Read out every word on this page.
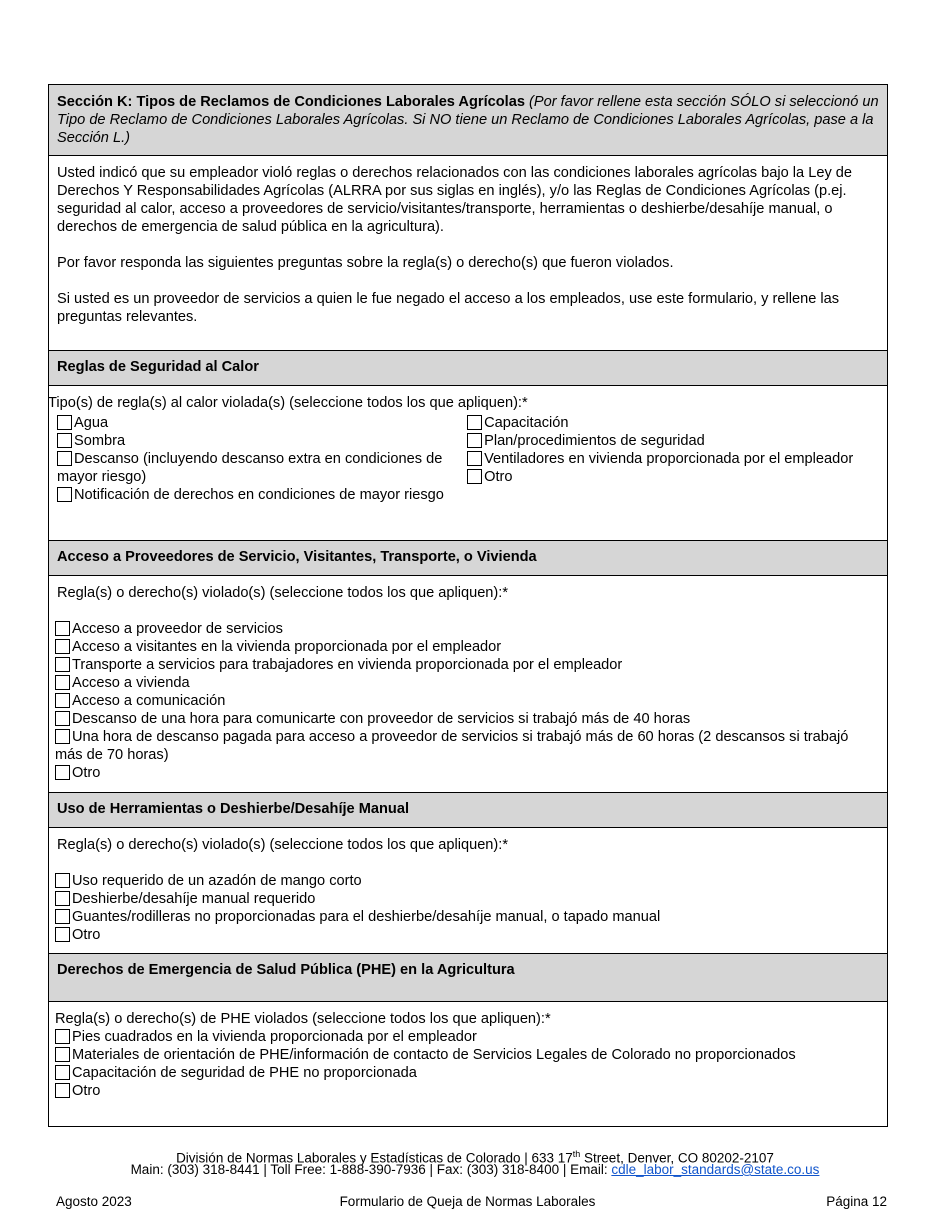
Sección K: Tipos de Reclamos de Condiciones Laborales Agrícolas (Por favor rellene esta sección SÓLO si seleccionó un Tipo de Reclamo de Condiciones Laborales Agrícolas. Si NO tiene un Reclamo de Condiciones Laborales Agrícolas, pase a la Sección L.)
Usted indicó que su empleador violó reglas o derechos relacionados con las condiciones laborales agrícolas bajo la Ley de Derechos Y Responsabilidades Agrícolas (ALRRA por sus siglas en inglés), y/o las Reglas de Condiciones Agrícolas (p.ej. seguridad al calor, acceso a proveedores de servicio/visitantes/transporte, herramientas o deshierbe/desahíje manual, o derechos de emergencia de salud pública en la agricultura).
Por favor responda las siguientes preguntas sobre la regla(s) o derecho(s) que fueron violados.
Si usted es un proveedor de servicios a quien le fue negado el acceso a los empleados, use este formulario, y rellene las preguntas relevantes.
Reglas de Seguridad al Calor
Tipo(s) de regla(s) al calor violada(s) (seleccione todos los que apliquen):*
Agua
Sombra
Descanso (incluyendo descanso extra en condiciones de mayor riesgo)
Notificación de derechos en condiciones de mayor riesgo
Capacitación
Plan/procedimientos de seguridad
Ventiladores en vivienda proporcionada por el empleador
Otro
Acceso a Proveedores de Servicio, Visitantes, Transporte, o Vivienda
Regla(s) o derecho(s) violado(s) (seleccione todos los que apliquen):*
Acceso a proveedor de servicios
Acceso a visitantes en la vivienda proporcionada por el empleador
Transporte a servicios para trabajadores en vivienda proporcionada por el empleador
Acceso a vivienda
Acceso a comunicación
Descanso de una hora para comunicarte con proveedor de servicios si trabajó más de 40 horas
Una hora de descanso pagada para acceso a proveedor de servicios si trabajó más de 60 horas (2 descansos si trabajó más de 70 horas)
Otro
Uso de Herramientas o Deshierbe/Desahíje Manual
Regla(s) o derecho(s) violado(s) (seleccione todos los que apliquen):*
Uso requerido de un azadón de mango corto
Deshierbe/desahíje manual requerido
Guantes/rodilleras no proporcionadas para el deshierbe/desahíje manual, o tapado manual
Otro
Derechos de Emergencia de Salud Pública (PHE) en la Agricultura
Regla(s) o derecho(s) de PHE violados (seleccione todos los que apliquen):*
Pies cuadrados en la vivienda proporcionada por el empleador
Materiales de orientación de PHE/información de contacto de Servicios Legales de Colorado no proporcionados
Capacitación de seguridad de PHE no proporcionada
Otro
División de Normas Laborales y Estadísticas de Colorado | 633 17th Street, Denver, CO 80202-2107
Main: (303) 318-8441 | Toll Free: 1-888-390-7936 | Fax: (303) 318-8400 | Email: cdle_labor_standards@state.co.us
Agosto 2023	Formulario de Queja de Normas Laborales	Página 12
